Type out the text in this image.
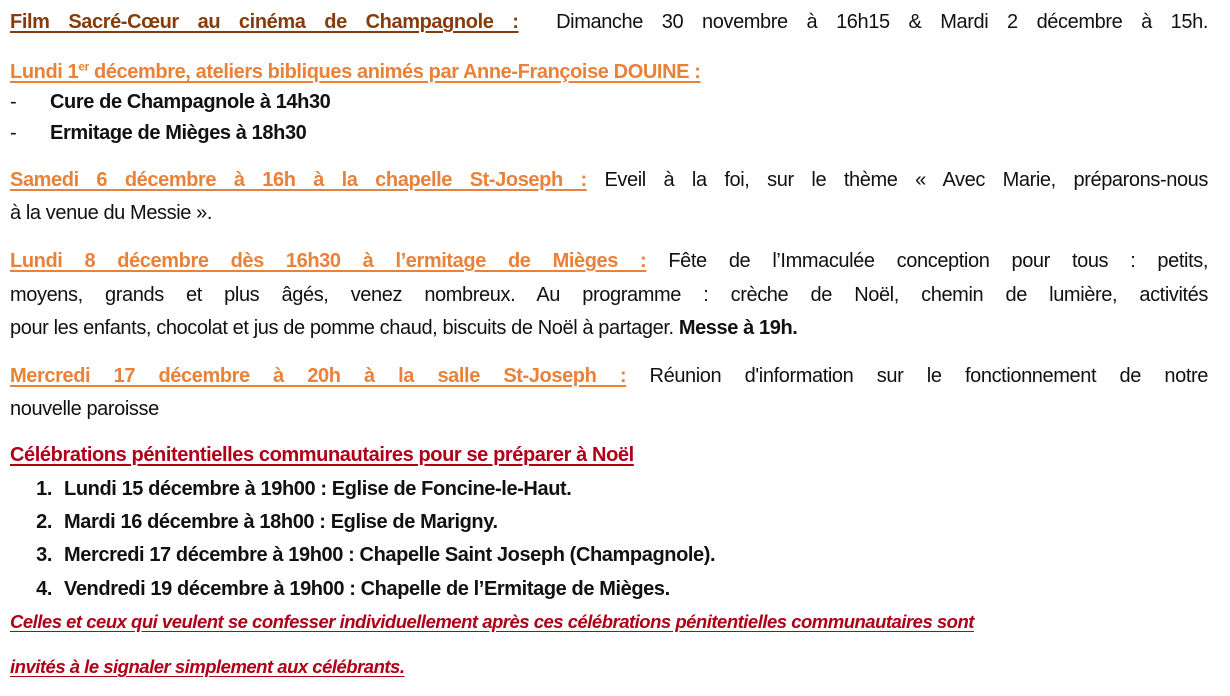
Film Sacré-Cœur au cinéma de Champagnole : Dimanche 30 novembre à 16h15 & Mardi 2 décembre à 15h.
Lundi 1er décembre, ateliers bibliques animés par Anne-Françoise DOUINE :
- Cure de Champagnole à 14h30
- Ermitage de Mièges à 18h30
Samedi 6 décembre à 16h à la chapelle St-Joseph : Eveil à la foi, sur le thème « Avec Marie, préparons-nous
à la venue du Messie ».
Lundi 8 décembre dès 16h30 à l’ermitage de Mièges : Fête de l’Immaculée conception pour tous : petits,
moyens, grands et plus âgés, venez nombreux. Au programme : crèche de Noël, chemin de lumière, activités
pour les enfants, chocolat et jus de pomme chaud, biscuits de Noël à partager. Messe à 19h.
Mercredi 17 décembre à 20h à la salle St-Joseph : Réunion d'information sur le fonctionnement de notre
nouvelle paroisse
Célébrations pénitentielles communautaires pour se préparer à Noël
1. Lundi 15 décembre à 19h00 : Eglise de Foncine-le-Haut.
2. Mardi 16 décembre à 18h00 : Eglise de Marigny.
3. Mercredi 17 décembre à 19h00 : Chapelle Saint Joseph (Champagnole).
4. Vendredi 19 décembre à 19h00 : Chapelle de l’Ermitage de Mièges.
Celles et ceux qui veulent se confesser individuellement après ces célébrations pénitentielles communautaires sont
invités à le signaler simplement aux célébrants.
